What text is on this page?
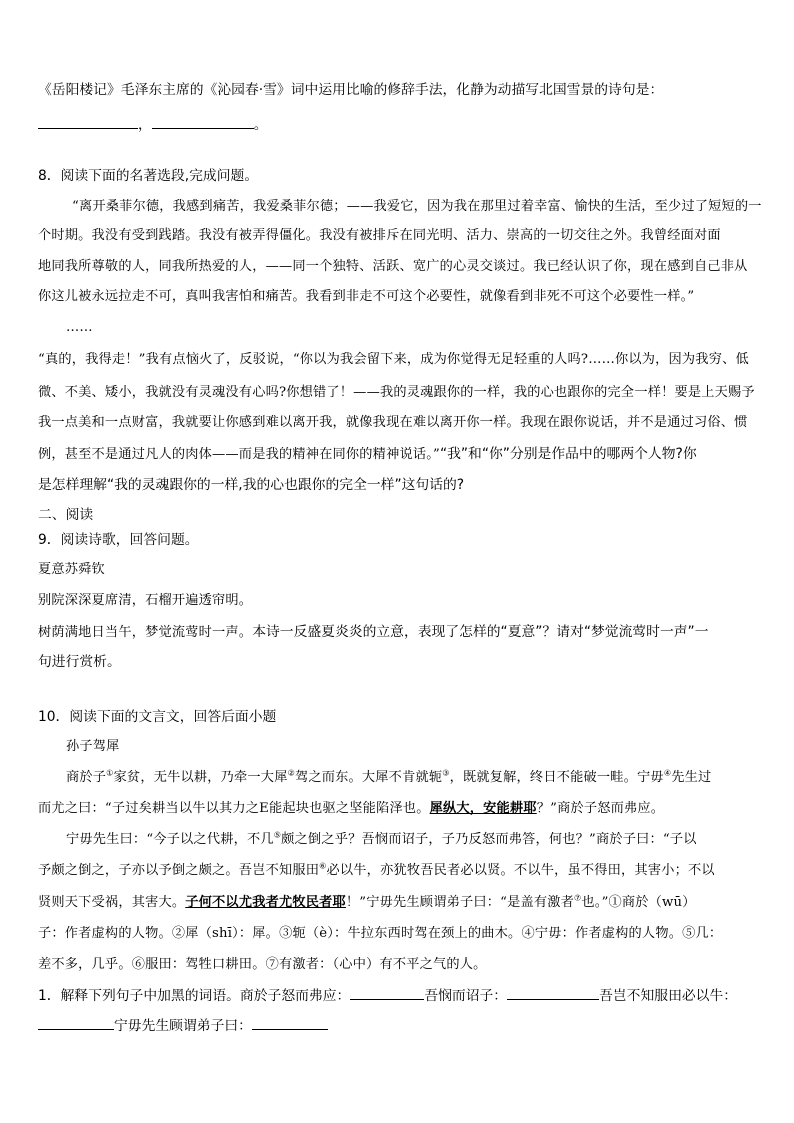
《岳阳楼记》毛泽东主席的《沁园春·雪》词中运用比喻的修辞手法，化静为动描写北国雪景的诗句是：
，	。
8．阅读下面的名著选段,完成问题。
“离开桑菲尔德，我感到痛苦，我爱桑菲尔德；——我爱它，因为我在那里过着幸富、愉快的生活，至少过了短短的一
个时期。我没有受到践踏。我没有被弄得僵化。我没有被排斥在同光明、活力、崇高的一切交往之外。我曾经面对面
地同我所尊敬的人，同我所热爱的人，——同一个独特、活跃、宽广的心灵交谈过。我已经认识了你，现在感到自己非从
你这儿被永远拉走不可，真叫我害怕和痛苦。我看到非走不可这个必要性，就像看到非死不可这个必要性一样。”
……
“真的，我得走！”我有点恼火了，反驳说，“你以为我会留下来，成为你觉得无足轻重的人吗?……你以为，因为我穷、低
微、不美、矮小，我就没有灵魂没有心吗?你想错了！——我的灵魂跟你的一样，我的心也跟你的完全一样！要是上天赐予
我一点美和一点财富，我就要让你感到难以离开我，就像我现在难以离开你一样。我现在跟你说话，并不是通过习俗、惯
例，甚至不是通过凡人的肉体——而是我的精神在同你的精神说话。”“我”和“你”分别是作品中的哪两个人物?你
是怎样理解“我的灵魂跟你的一样,我的心也跟你的完全一样”这句话的?
二、阅读
9．阅读诗歌，回答问题。
夏意苏舜钦
别院深深夏席清，石榴开遍透帘明。
树荫满地日当午，梦觉流莺时一声。本诗一反盛夏炎炎的立意，表现了怎样的“夏意”？请对“梦觉流莺时一声”一
句进行赏析。
10．阅读下面的文言文，回答后面小题
孙子驾犀
商於子①家贫，无牛以耕，乃牵一大犀②驾之而东。大犀不肯就轭③，既就复解，终日不能破一畦。宁毋④先生过
而尤之曰：“子过矣耕当以牛以其力之E能起块也驱之坚能陷泽也。犀纵大，安能耕耶？”商於子怒而弗应。
宁毋先生曰：“今子以之代耕，不几⑤颇之倒之乎？吾悯而诏子，子乃反怒而弗答，何也？”商於子曰：“子以
予颇之倒之，子亦以予倒之颇之。吾岂不知服田⑥必以牛，亦犹牧吾民者必以贤。不以牛，虽不得田，其害小；不以
贤则天下受祸，其害大。子何不以尤我者尤牧民者耶！”宁毋先生顾谓弟子曰：“是盖有激者⑦也。”①商於（wū）
子：作者虚构的人物。②犀（shī）：犀。③轭（è）：牛拉东西时驾在颈上的曲木。④宁毋：作者虚构的人物。⑤几：
差不多，几乎。⑥服田：驾牲口耕田。⑦有激者：（心中）有不平之气的人。
1．解释下列句子中加黑的词语。商於子怒而弗应：	吾悯而诏子：	吾岂不知服田必以牛：
宁毋先生顾谓弟子曰：
